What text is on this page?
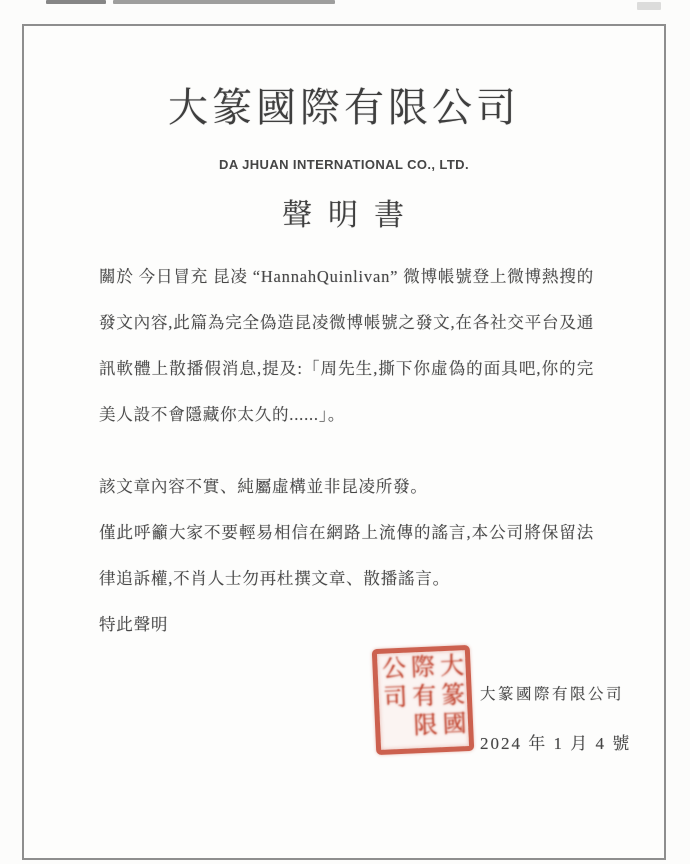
大篆國際有限公司
DA JHUAN INTERNATIONAL CO., LTD.
聲明書

關於 今日冒充 昆凌 “HannahQuinlivan” 微博帳號登上微博熱搜的發文內容,此篇為完全偽造昆凌微博帳號之發文,在各社交平台及通訊軟體上散播假消息,提及:「周先生,撕下你虛偽的面具吧,你的完美人設不會隱藏你太久的......」。

該文章內容不實、純屬虛構並非昆凌所發。

僅此呼籲大家不要輕易相信在網路上流傳的謠言,本公司將保留法律追訴權,不肖人士勿再杜撰文章、散播謠言。

特此聲明

大篆國際有限公司	大篆國際有限公司
2024 年 1 月 4 號
